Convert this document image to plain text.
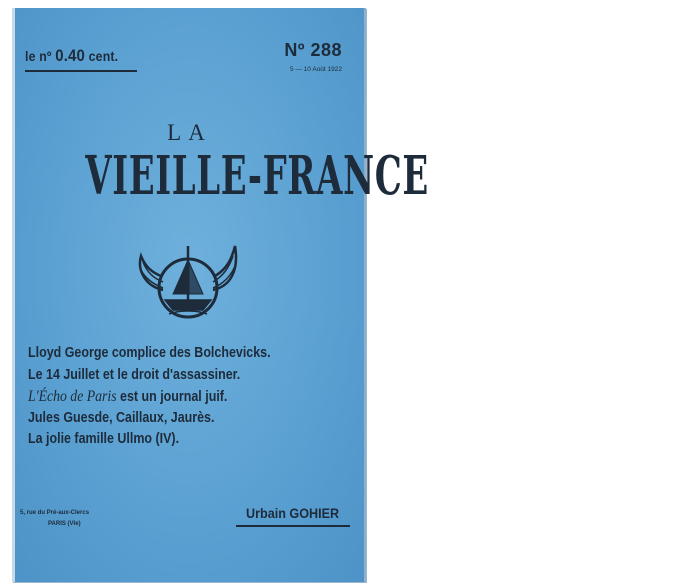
le nº 0.40 cent.	Nº 288
5 — 10 Août 1922
LA
VIEILLE-FRANCE
Lloyd George complice des Bolchevicks.
Le 14 Juillet et le droit d'assassiner.
L'Écho de Paris est un journal juif.
Jules Guesde, Caillaux, Jaurès.
La jolie famille Ullmo (IV).
5, rue du Pré-aux-Clercs
PARIS (VIe)
Urbain GOHIER
